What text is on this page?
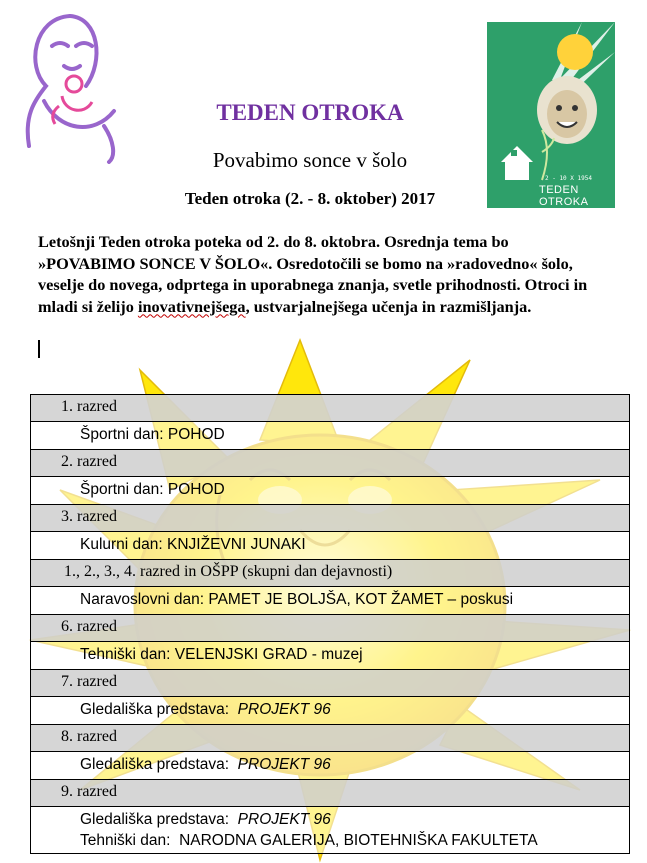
2 - 10 X 1954
TEDEN OTROKA
TEDEN OTROKA
Povabimo sonce v šolo
Teden otroka (2. - 8. oktober) 2017
Letošnji Teden otroka poteka od 2. do 8. oktobra. Osrednja tema bo »POVABIMO SONCE V ŠOLO«. Osredotočili se bomo na »radovedno« šolo, veselje do novega, odprtega in uporabnega znanja, svetle prihodnosti. Otroci in mladi si želijo inovativnejšega, ustvarjalnejšega učenja in razmišljanja.
1. razred

Športni dan: POHOD

2. razred

Športni dan: POHOD

3. razred

Kulurni dan: KNJIŽEVNI JUNAKI

1., 2., 3., 4. razred in OŠPP (skupni dan dejavnosti)

Naravoslovni dan: PAMET JE BOLJŠA, KOT ŽAMET – poskusi

6. razred

Tehniški dan: VELENJSKI GRAD - muzej

7. razred

Gledališka predstava:  PROJEKT 96

8. razred

Gledališka predstava:  PROJEKT 96

9. razred

Gledališka predstava:  PROJEKT 96
Tehniški dan:  NARODNA GALERIJA, BIOTEHNIŠKA FAKULTETA
